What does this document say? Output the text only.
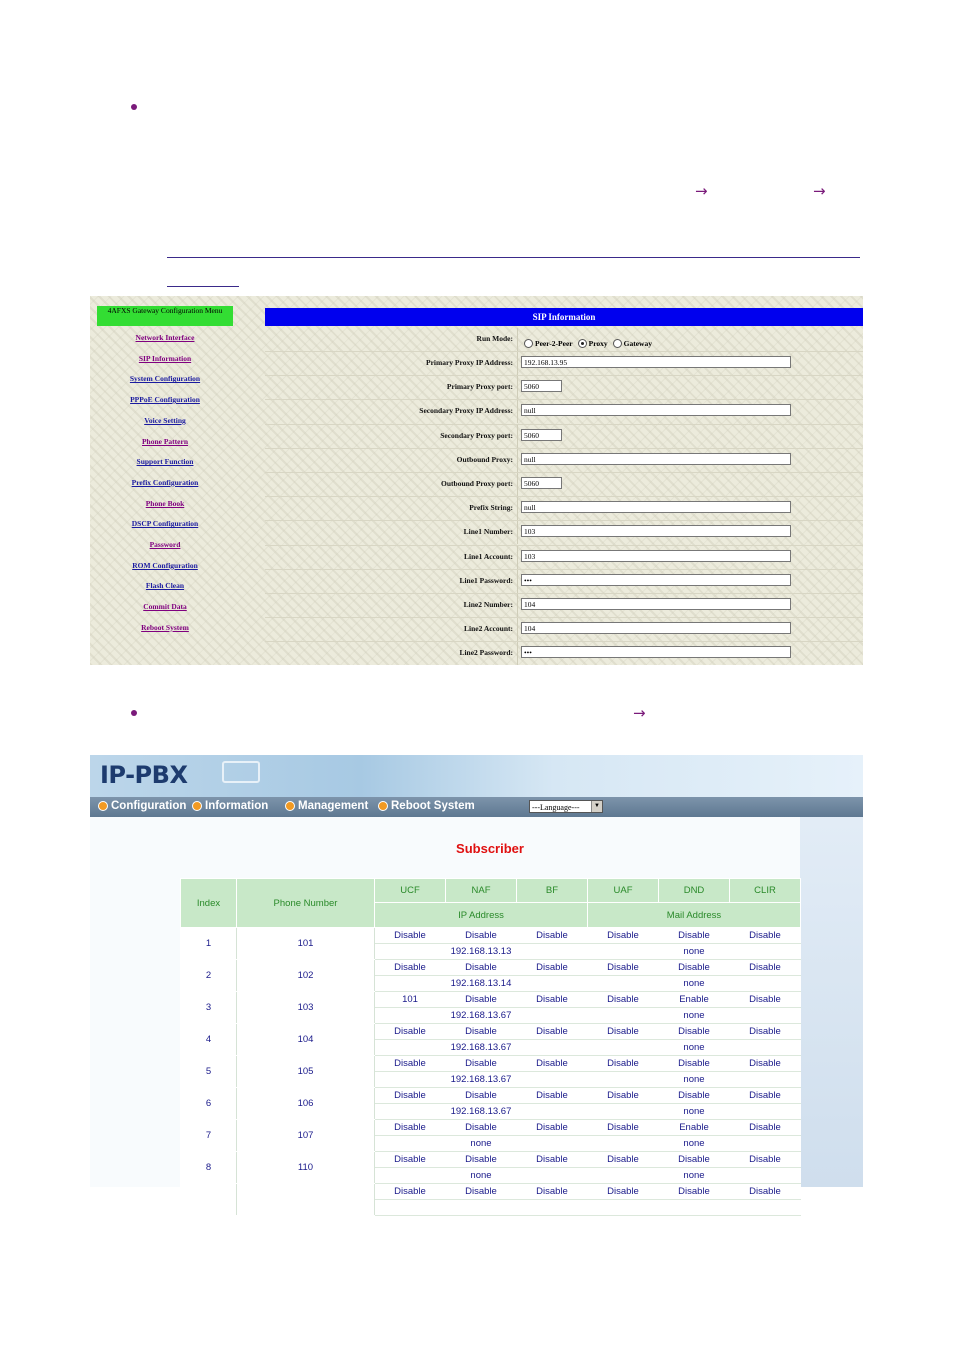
→	→
4AFXS Gateway Configuration Menu
Network Interface
SIP Information
System Configuration
PPPoE Configuration
Voice Setting
Phone Pattern
Support Function
Prefix Configuration
Phone Book
DSCP Configuration
Password
ROM Configuration
Flash Clean
Commit Data
Reboot System
SIP Information
Run Mode:
Peer-2-Peer Proxy Gateway
Primary Proxy IP Address:	192.168.13.95
Primary Proxy port:	5060
Secondary Proxy IP Address:	null
Secondary Proxy port:	5060
Outbound Proxy:	null
Outbound Proxy port:	5060
Prefix String:	null
Line1 Number:	103
Line1 Account:	103
Line1 Password:	•••
Line2 Number:	104
Line2 Account:	104
Line2 Password:	•••
→
IP-PBX
Configuration Information	Management Reboot System	---Language---	▼
Subscriber
Index	Phone Number	UCF	NAF	BF	UAF	DND	CLIR
		IP Address			Mail Address		
1	101	Disable	Disable	Disable	Disable	Disable	Disable
		192.168.13.13			none		
2	102	Disable	Disable	Disable	Disable	Disable	Disable
		192.168.13.14			none		
3	103	101	Disable	Disable	Disable	Enable	Disable
		192.168.13.67			none		
4	104	Disable	Disable	Disable	Disable	Disable	Disable
		192.168.13.67			none		
5	105	Disable	Disable	Disable	Disable	Disable	Disable
		192.168.13.67			none		
6	106	Disable	Disable	Disable	Disable	Disable	Disable
		192.168.13.67			none		
7	107	Disable	Disable	Disable	Disable	Enable	Disable
		none			none		
8	110	Disable	Disable	Disable	Disable	Disable	Disable
		none			none		
		Disable	Disable	Disable	Disable	Disable	Disable
